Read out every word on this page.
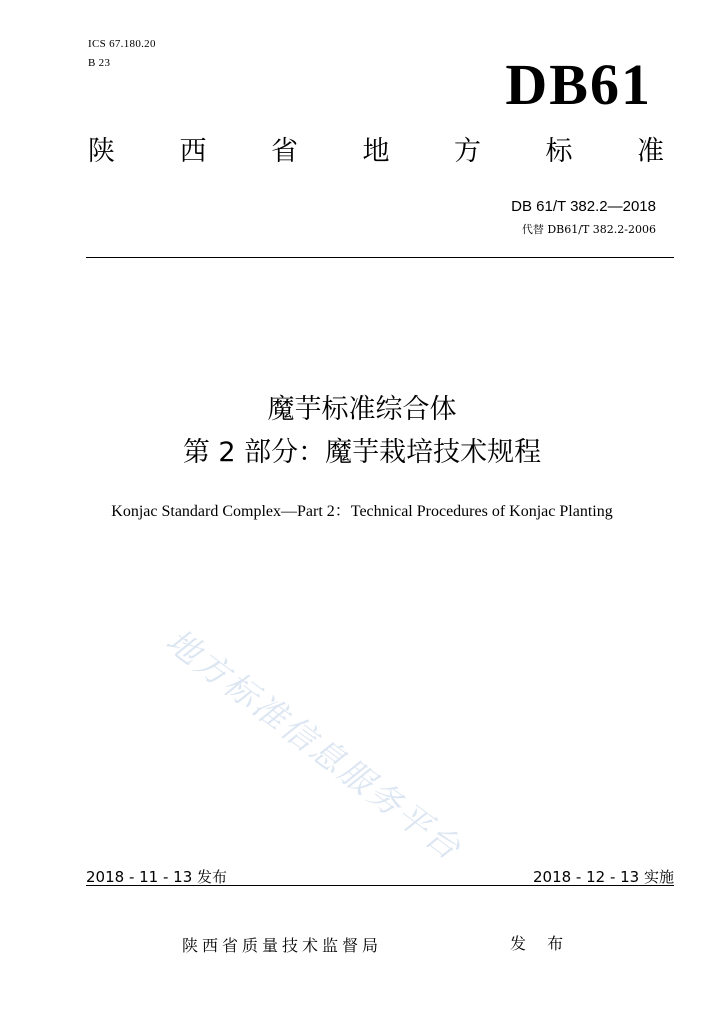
ICS 67.180.20
B 23	DB61
陕 西 省 地 方 标 准
DB 61/T 382.2—2018
代替 DB61/T 382.2-2006
魔芋标准综合体
第 2 部分：魔芋栽培技术规程
Konjac Standard Complex—Part 2：Technical Procedures of Konjac Planting
地方标准信息服务平台
2018 - 11 - 13 发布	2018 - 12 - 13 实施
陕西省质量技术监督局	发 布
